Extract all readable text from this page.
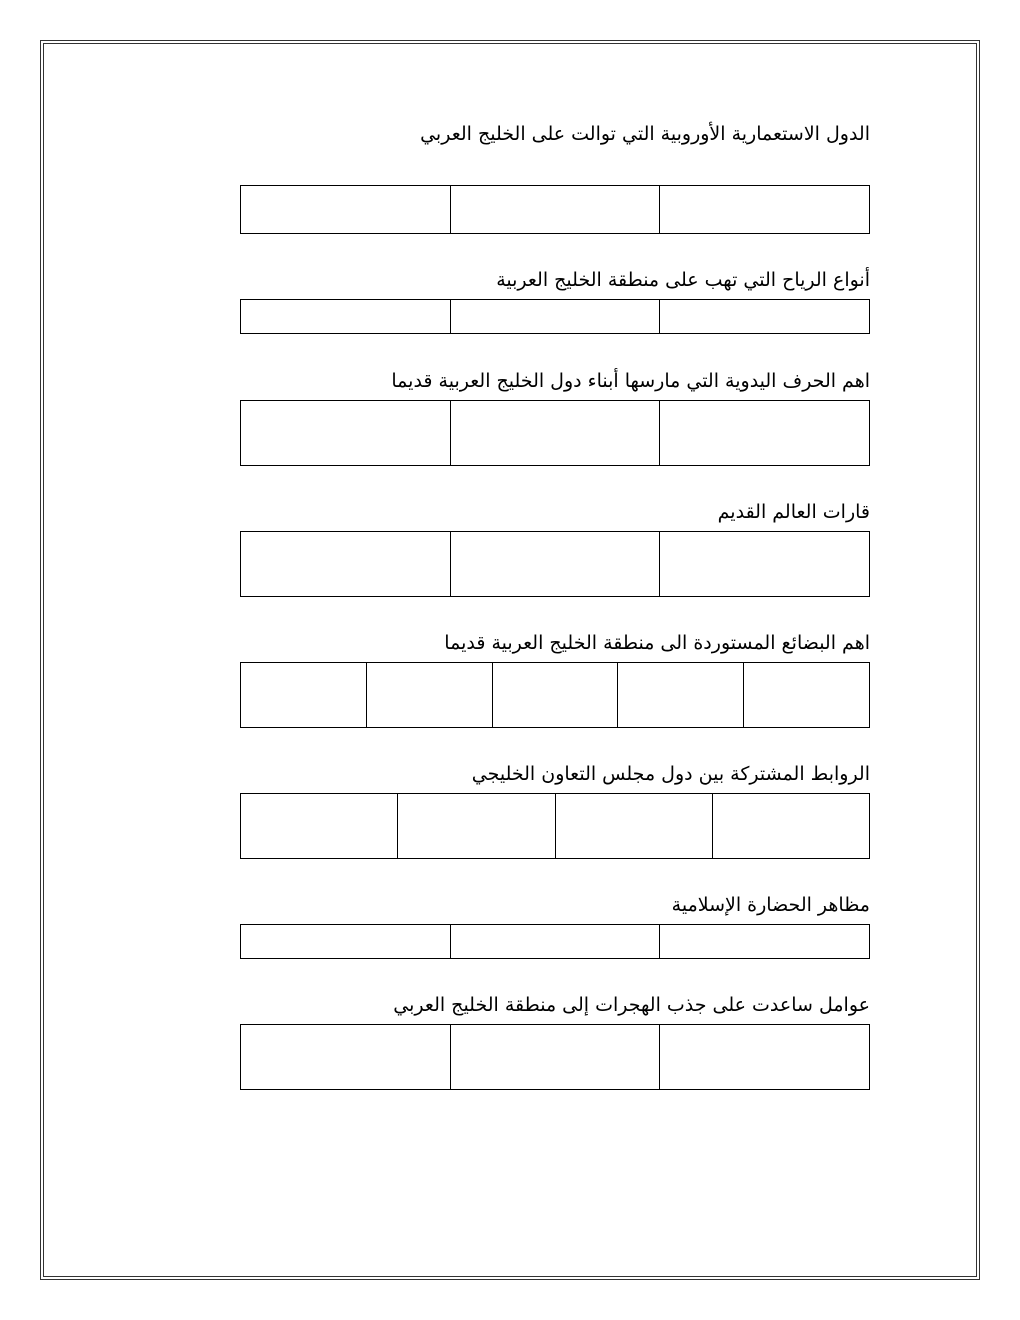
الدول الاستعمارية الأوروبية التي توالت على الخليج العربي
أنواع الرياح التي تهب على منطقة الخليج العربية
اهم الحرف اليدوية التي مارسها أبناء دول الخليج العربية قديما
قارات العالم القديم
اهم البضائع المستوردة الى منطقة الخليج العربية قديما
الروابط المشتركة بين دول مجلس التعاون الخليجي
مظاهر الحضارة الإسلامية
عوامل ساعدت على جذب الهجرات إلى منطقة الخليج العربي
